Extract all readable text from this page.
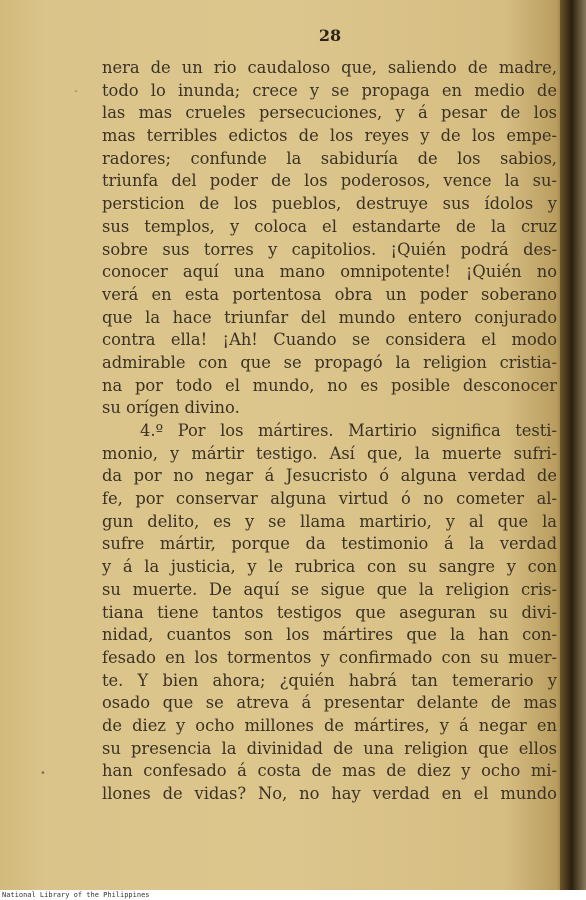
28
-
•
nera de un rio caudaloso que, saliendo de madre,
todo lo inunda; crece y se propaga en medio de
las mas crueles persecuciones, y á pesar de los
mas terribles edictos de los reyes y de los empe-
radores; confunde la sabiduría de los sabios,
triunfa del poder de los poderosos, vence la su-
persticion de los pueblos, destruye sus ídolos y
sus templos, y coloca el estandarte de la cruz
sobre sus torres y capitolios. ¡Quién podrá des-
conocer aquí una mano omnipotente! ¡Quién no
verá en esta portentosa obra un poder soberano
que la hace triunfar del mundo entero conjurado
contra ella! ¡Ah! Cuando se considera el modo
admirable con que se propagó la religion cristia-
na por todo el mundo, no es posible desconocer
su orígen divino.
4.º Por los mártires. Martirio significa testi-
monio, y mártir testigo. Así que, la muerte sufri-
da por no negar á Jesucristo ó alguna verdad de
fe, por conservar alguna virtud ó no cometer al-
gun delito, es y se llama martirio, y al que la
sufre mártir, porque da testimonio á la verdad
y á la justicia, y le rubrica con su sangre y con
su muerte. De aquí se sigue que la religion cris-
tiana tiene tantos testigos que aseguran su divi-
nidad, cuantos son los mártires que la han con-
fesado en los tormentos y confirmado con su muer-
te. Y bien ahora; ¿quién habrá tan temerario y
osado que se atreva á presentar delante de mas
de diez y ocho millones de mártires, y á negar en
su presencia la divinidad de una religion que ellos
han confesado á costa de mas de diez y ocho mi-
llones de vidas? No, no hay verdad en el mundo
National Library of the Philippines
